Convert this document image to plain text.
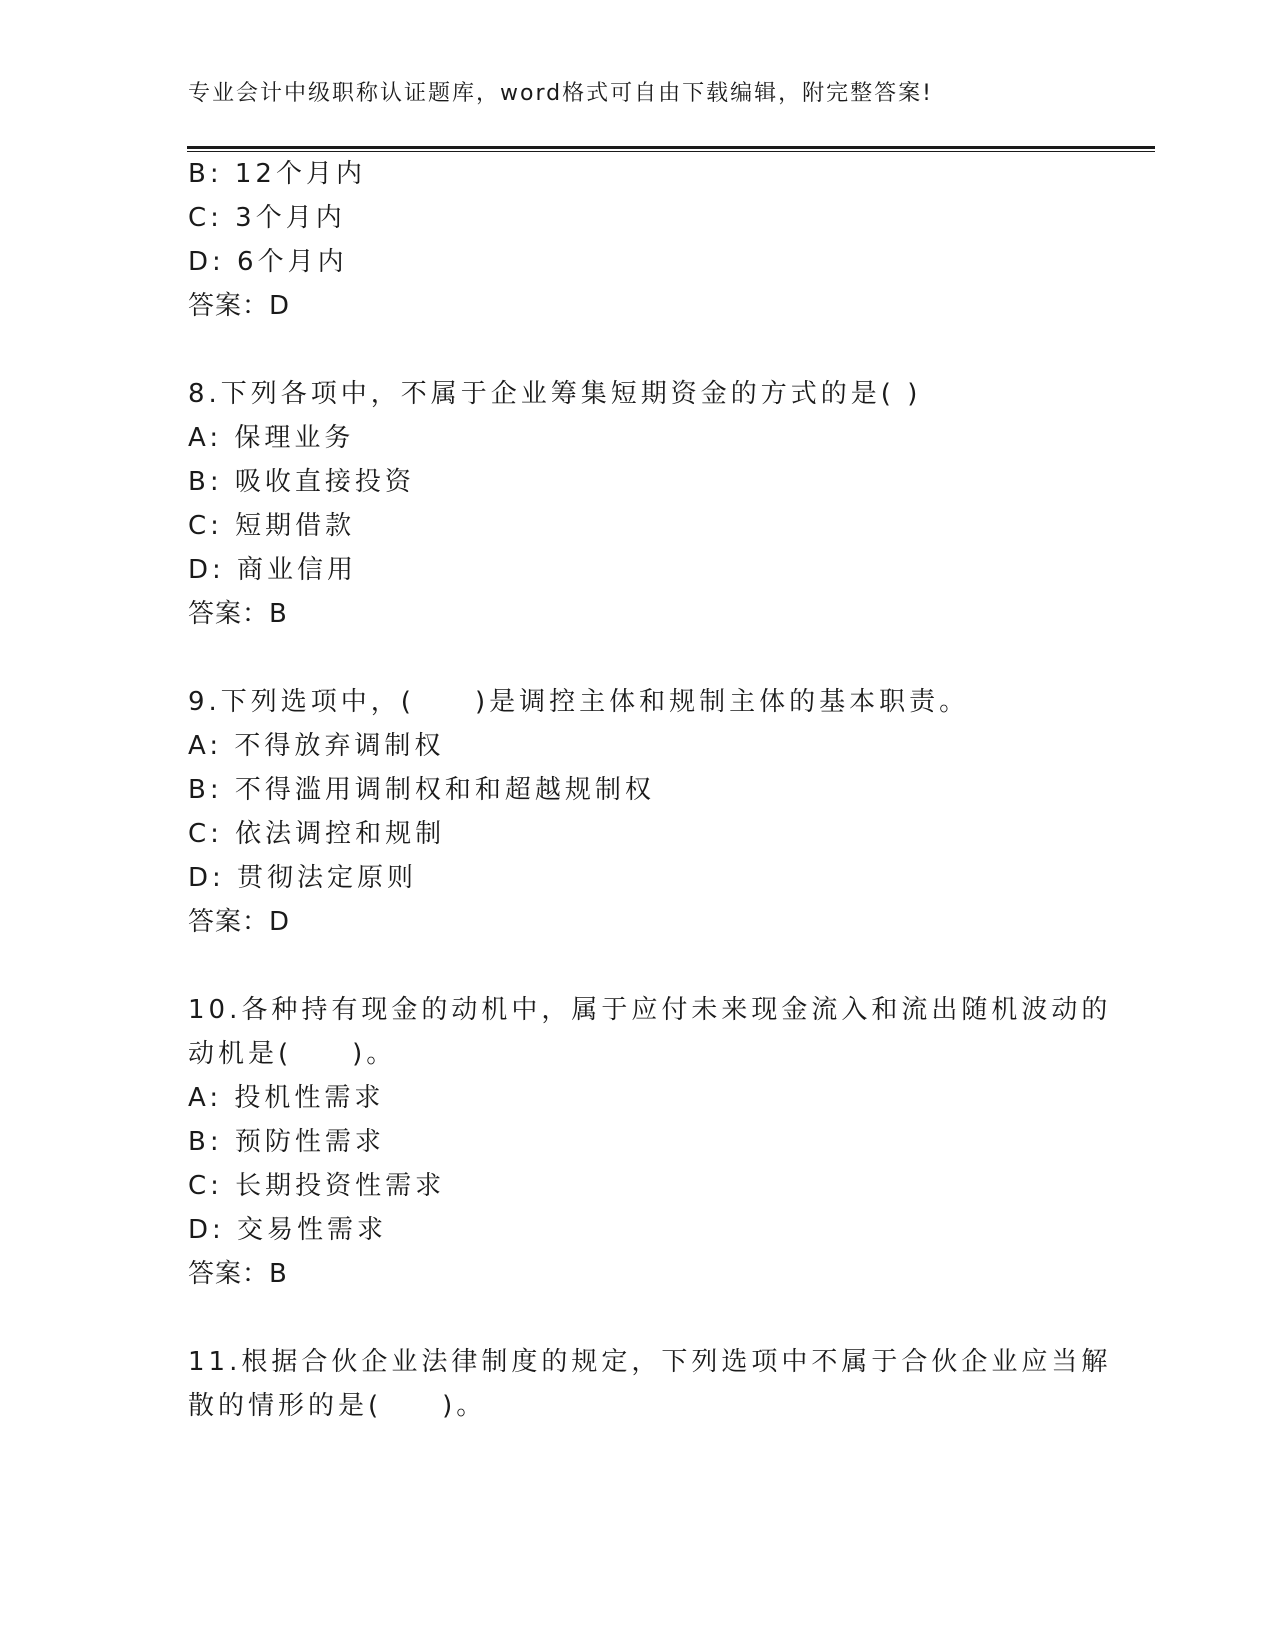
专业会计中级职称认证题库，word格式可自由下载编辑，附完整答案!
B: 12个月内
C: 3个月内
D: 6个月内
答案：D
8.下列各项中，不属于企业筹集短期资金的方式的是( )
A: 保理业务
B: 吸收直接投资
C: 短期借款
D: 商业信用
答案：B
9.下列选项中，(　　)是调控主体和规制主体的基本职责。
A: 不得放弃调制权
B: 不得滥用调制权和和超越规制权
C: 依法调控和规制
D: 贯彻法定原则
答案：D
10.各种持有现金的动机中，属于应付未来现金流入和流出随机波动的
动机是(　　)。
A: 投机性需求
B: 预防性需求
C: 长期投资性需求
D: 交易性需求
答案：B
11.根据合伙企业法律制度的规定，下列选项中不属于合伙企业应当解
散的情形的是(　　)。
